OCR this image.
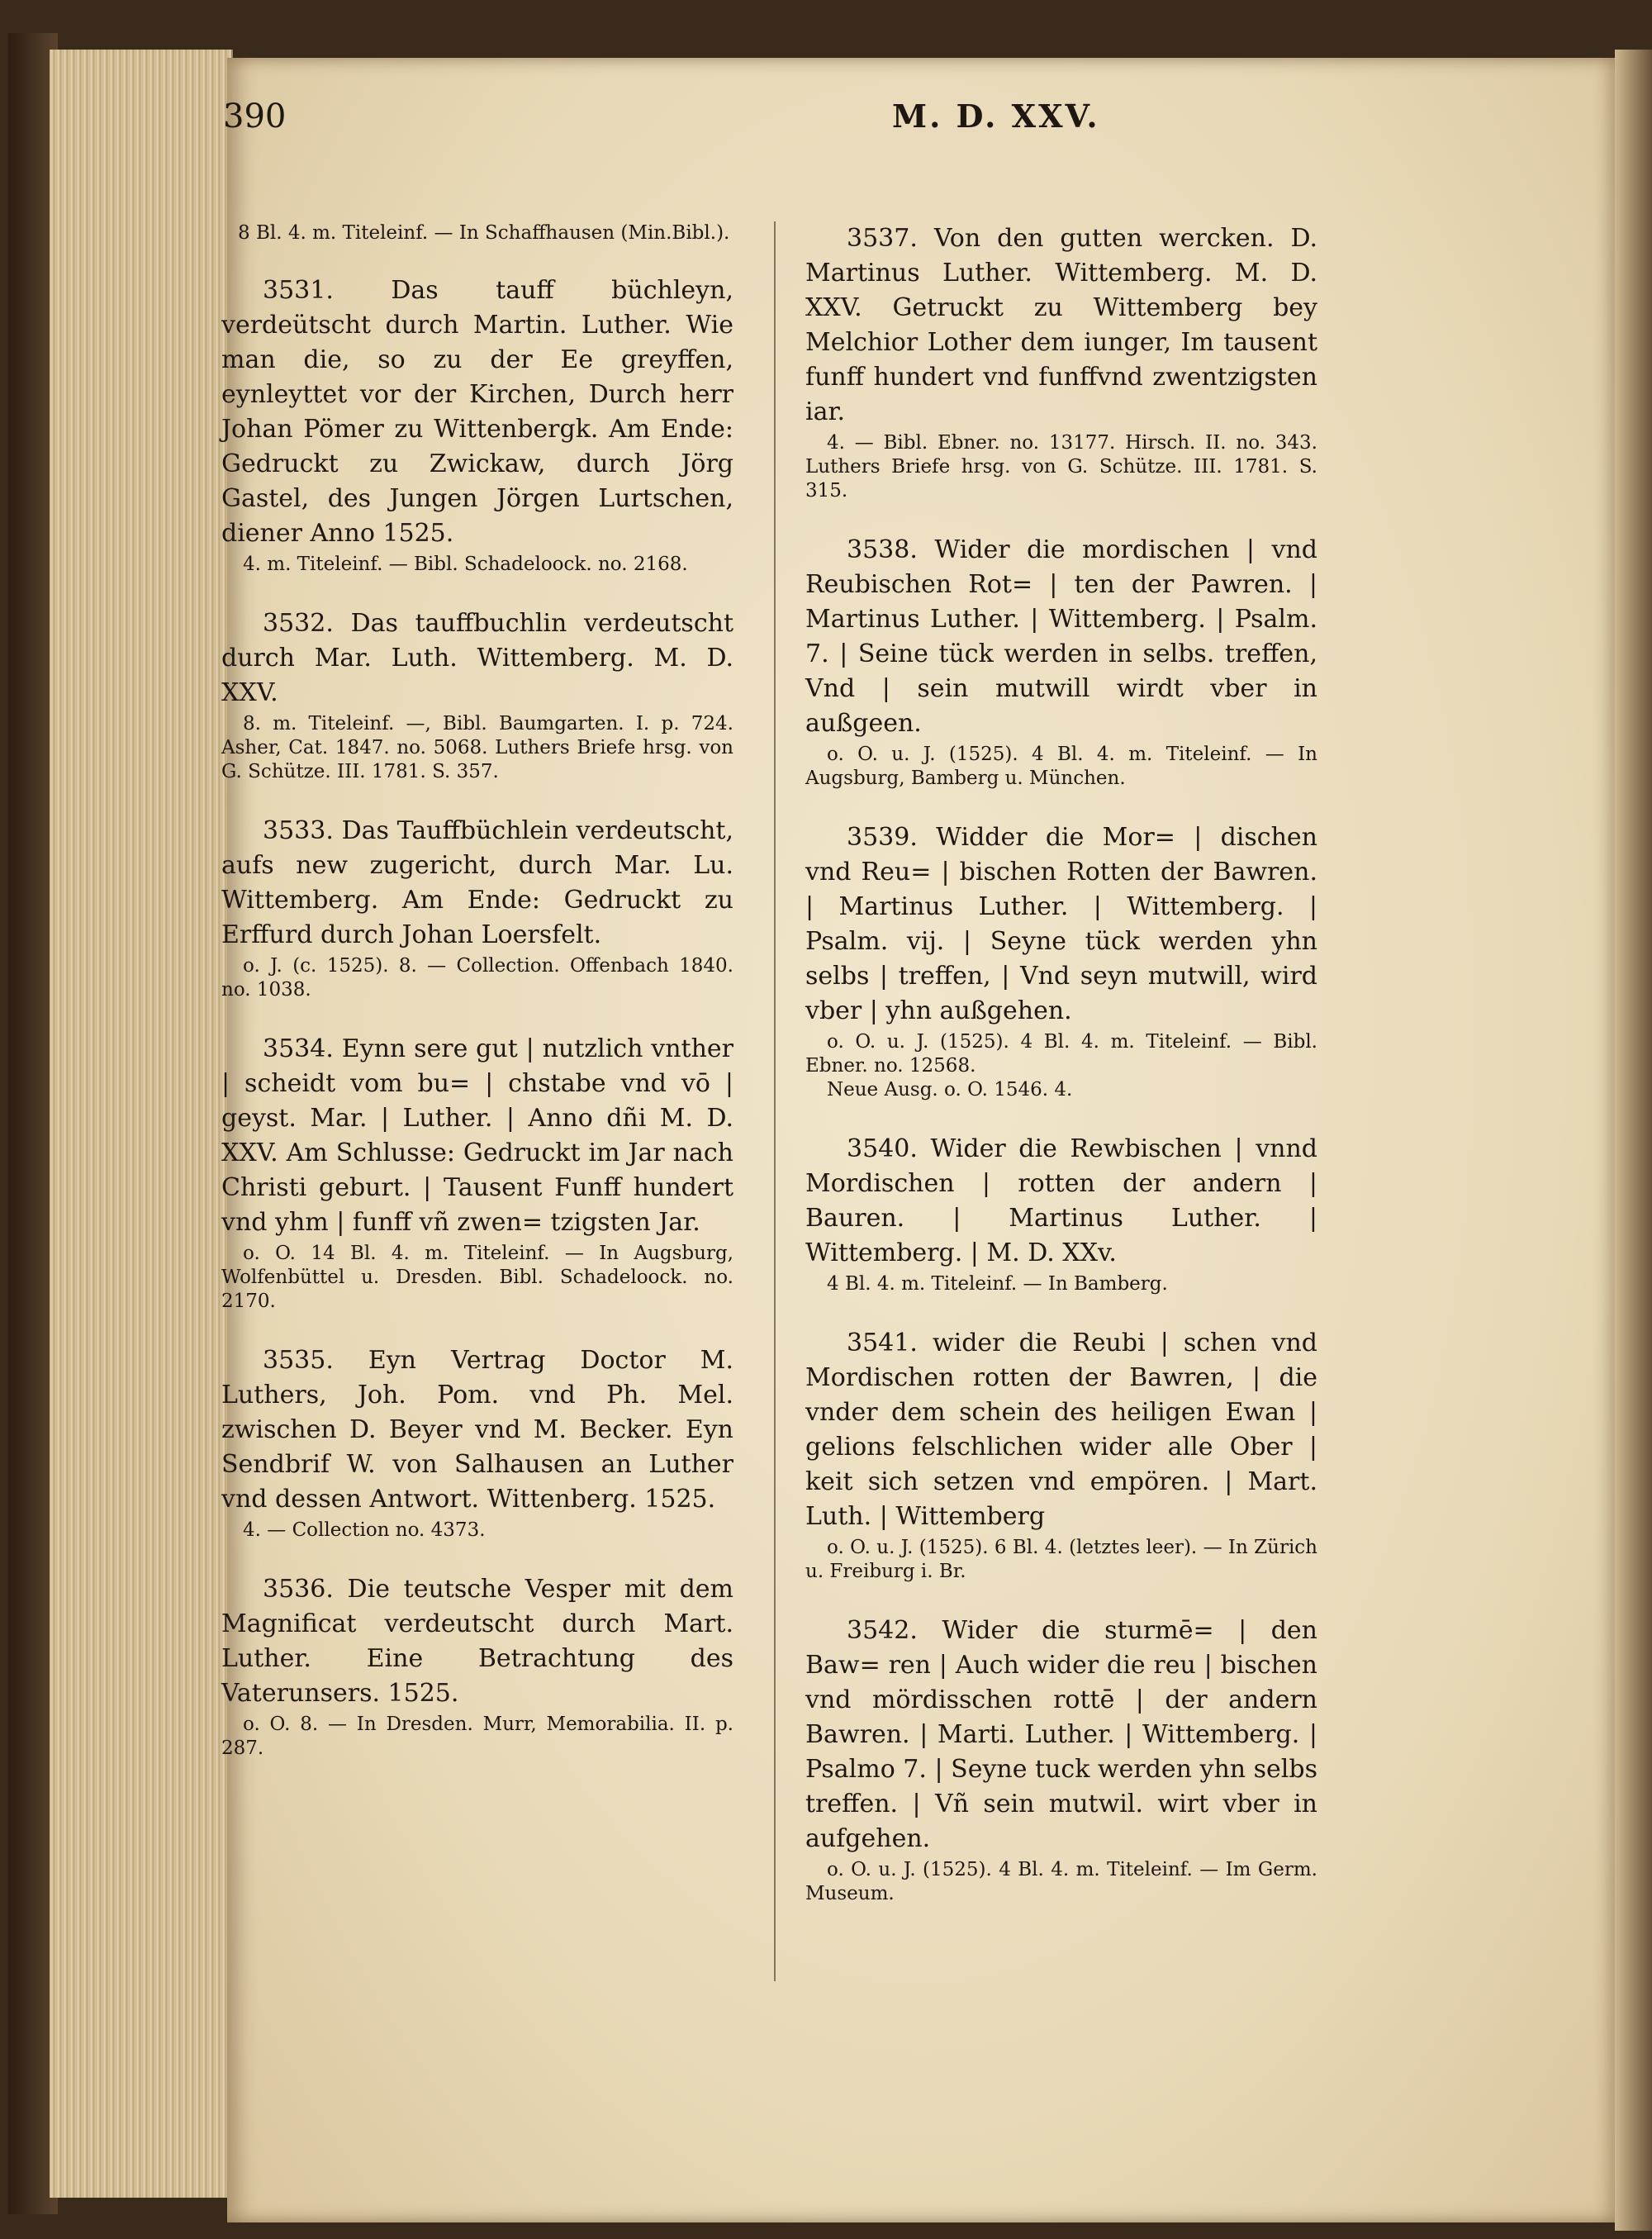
390	M. D. XXV.

8 Bl. 4. m. Titeleinf. — In Schaffhausen (Min.Bibl.).

3531. Das tauff büchleyn, verdeütscht durch Martin. Luther. Wie man die, so zu der Ee greyffen, eynleyttet vor der Kirchen, Durch herr Johan Pömer zu Wittenbergk. Am Ende: Gedruckt zu Zwickaw, durch Jörg Gastel, des Jungen Jörgen Lurtschen, diener Anno 1525.

4. m. Titeleinf. — Bibl. Schadeloock. no. 2168.

3532. Das tauffbuchlin verdeutscht durch Mar. Luth. Wittemberg. M. D. XXV.

8. m. Titeleinf. —, Bibl. Baumgarten. I. p. 724. Asher, Cat. 1847. no. 5068. Luthers Briefe hrsg. von G. Schütze. III. 1781. S. 357.

3533. Das Tauffbüchlein verdeutscht, aufs new zugericht, durch Mar. Lu. Wittemberg. Am Ende: Gedruckt zu Erffurd durch Johan Loersfelt.

o. J. (c. 1525). 8. — Collection. Offenbach 1840. no. 1038.

3534. Eynn sere gut | nutzlich vnther | scheidt vom bu= | chstabe vnd vō | geyst. Mar. | Luther. | Anno dñi M. D. XXV. Am Schlusse: Gedruckt im Jar nach Christi geburt. | Tausent Funff hundert vnd yhm | funff vñ zwen= tzigsten Jar.

o. O. 14 Bl. 4. m. Titeleinf. — In Augsburg, Wolfenbüttel u. Dresden. Bibl. Schadeloock. no. 2170.

3535. Eyn Vertrag Doctor M. Luthers, Joh. Pom. vnd Ph. Mel. zwischen D. Beyer vnd M. Becker. Eyn Sendbrif W. von Salhausen an Luther vnd dessen Antwort. Wittenberg. 1525.

4. — Collection no. 4373.

3536. Die teutsche Vesper mit dem Magnificat verdeutscht durch Mart. Luther. Eine Betrachtung des Vaterunsers. 1525.

o. O. 8. — In Dresden. Murr, Memorabilia. II. p. 287.

3537. Von den gutten wercken. D. Martinus Luther. Wittemberg. M. D. XXV. Getruckt zu Wittemberg bey Melchior Lother dem iunger, Im tausent funff hundert vnd funffvnd zwentzigsten iar.

4. — Bibl. Ebner. no. 13177. Hirsch. II. no. 343. Luthers Briefe hrsg. von G. Schütze. III. 1781. S. 315.

3538. Wider die mordischen | vnd Reubischen Rot= | ten der Pawren. | Martinus Luther. | Wittemberg. | Psalm. 7. | Seine tück werden in selbs. treffen, Vnd | sein mutwill wirdt vber in außgeen.

o. O. u. J. (1525). 4 Bl. 4. m. Titeleinf. — In Augsburg, Bamberg u. München.

3539. Widder die Mor= | dischen vnd Reu= | bischen Rotten der Bawren. | Martinus Luther. | Wittemberg. | Psalm. vij. | Seyne tück werden yhn selbs | treffen, | Vnd seyn mutwill, wird vber | yhn außgehen.

o. O. u. J. (1525). 4 Bl. 4. m. Titeleinf. — Bibl. Ebner. no. 12568.

Neue Ausg. o. O. 1546. 4.

3540. Wider die Rewbischen | vnnd Mordischen | rotten der andern | Bauren. | Martinus Luther. | Wittemberg. | M. D. XXv.

4 Bl. 4. m. Titeleinf. — In Bamberg.

3541. wider die Reubi | schen vnd Mordischen rotten der Bawren, | die vnder dem schein des heiligen Ewan | gelions felschlichen wider alle Ober | keit sich setzen vnd empören. | Mart. Luth. | Wittemberg

o. O. u. J. (1525). 6 Bl. 4. (letztes leer). — In Zürich u. Freiburg i. Br.

3542. Wider die sturmē= | den Baw= ren | Auch wider die reu | bischen vnd mördisschen rottē | der andern Bawren. | Marti. Luther. | Wittemberg. | Psalmo 7. | Seyne tuck werden yhn selbs treffen. | Vñ sein mutwil. wirt vber in aufgehen.

o. O. u. J. (1525). 4 Bl. 4. m. Titeleinf. — Im Germ. Museum.
